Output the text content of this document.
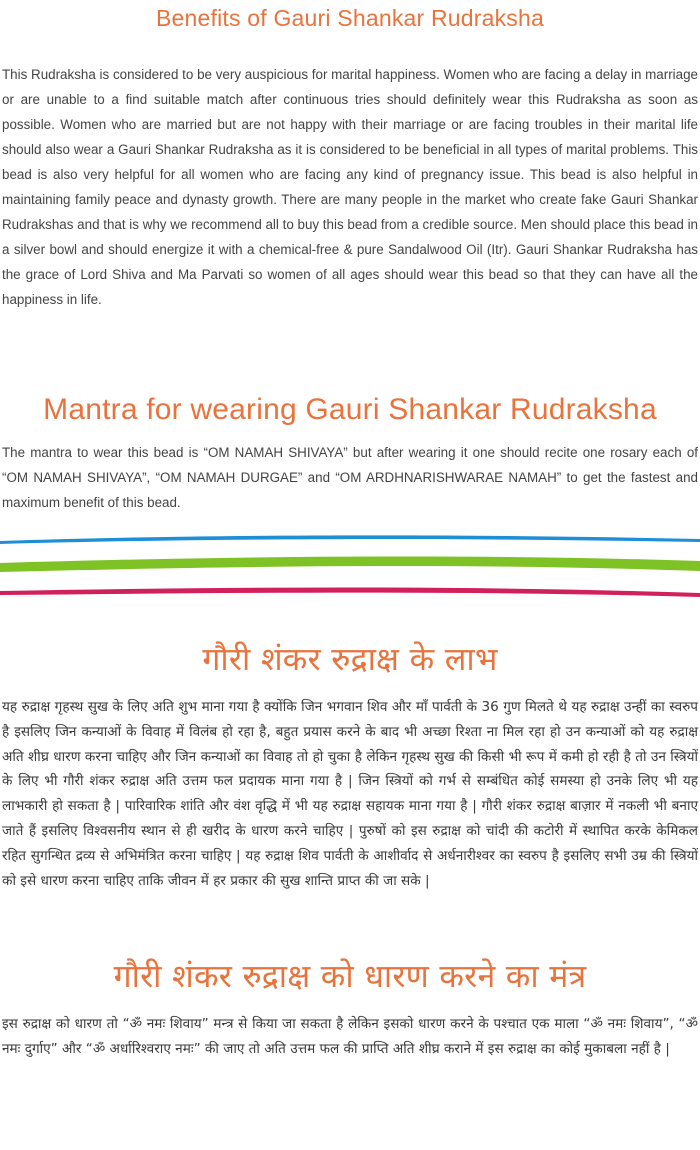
Benefits of Gauri Shankar Rudraksha

This Rudraksha is considered to be very auspicious for marital happiness. Women who are facing a delay in marriage or are unable to a find suitable match after continuous tries should definitely wear this Rudraksha as soon as possible. Women who are married but are not happy with their marriage or are facing troubles in their marital life should also wear a Gauri Shankar Rudraksha as it is considered to be beneficial in all types of marital problems. This bead is also very helpful for all women who are facing any kind of pregnancy issue. This bead is also helpful in maintaining family peace and dynasty growth. There are many people in the market who create fake Gauri Shankar Rudrakshas and that is why we recommend all to buy this bead from a credible source. Men should place this bead in a silver bowl and should energize it with a chemical-free & pure Sandalwood Oil (Itr). Gauri Shankar Rudraksha has the grace of Lord Shiva and Ma Parvati so women of all ages should wear this bead so that they can have all the happiness in life.

Mantra for wearing Gauri Shankar Rudraksha

The mantra to wear this bead is “OM NAMAH SHIVAYA” but after wearing it one should recite one rosary each of “OM NAMAH SHIVAYA”, “OM NAMAH DURGAE” and “OM ARDHNARISHWARAE NAMAH” to get the fastest and maximum benefit of this bead.

गौरी शंकर रुद्राक्ष के लाभ

यह रुद्राक्ष गृहस्थ सुख के लिए अति शुभ माना गया है क्योंकि जिन भगवान शिव और माँ पार्वती के 36 गुण मिलते थे यह रुद्राक्ष उन्हीं का स्वरुप है इसलिए जिन कन्याओं के विवाह में विलंब हो रहा है, बहुत प्रयास करने के बाद भी अच्छा रिश्ता ना मिल रहा हो उन कन्याओं को यह रुद्राक्ष अति शीघ्र धारण करना चाहिए और जिन कन्याओं का विवाह तो हो चुका है लेकिन गृहस्थ सुख की किसी भी रूप में कमी हो रही है तो उन स्त्रियों के लिए भी गौरी शंकर रुद्राक्ष अति उत्तम फल प्रदायक माना गया है | जिन स्त्रियों को गर्भ से सम्बंधित कोई समस्या हो उनके लिए भी यह लाभकारी हो सकता है | पारिवारिक शांति और वंश वृद्धि में भी यह रुद्राक्ष सहायक माना गया है | गौरी शंकर रुद्राक्ष बाज़ार में नकली भी बनाए जाते हैं इसलिए विश्वसनीय स्थान से ही खरीद के धारण करने चाहिए | पुरुषों को इस रुद्राक्ष को चांदी की कटोरी में स्थापित करके केमिकल रहित सुगन्धित द्रव्य से अभिमंत्रित करना चाहिए | यह रुद्राक्ष शिव पार्वती के आशीर्वाद से अर्धनारीश्वर का स्वरुप है इसलिए सभी उम्र की स्त्रियों को इसे धारण करना चाहिए ताकि जीवन में हर प्रकार की सुख शान्ति प्राप्त की जा सके |

गौरी शंकर रुद्राक्ष को धारण करने का मंत्र

इस रुद्राक्ष को धारण तो “ॐ नमः शिवाय” मन्त्र से किया जा सकता है लेकिन इसको धारण करने के पश्चात एक माला “ॐ नमः शिवाय”, “ॐ नमः दुर्गाए” और “ॐ अर्धारिश्वराए नमः” की जाए तो अति उत्तम फल की प्राप्ति अति शीघ्र कराने में इस रुद्राक्ष का कोई मुकाबला नहीं है |
